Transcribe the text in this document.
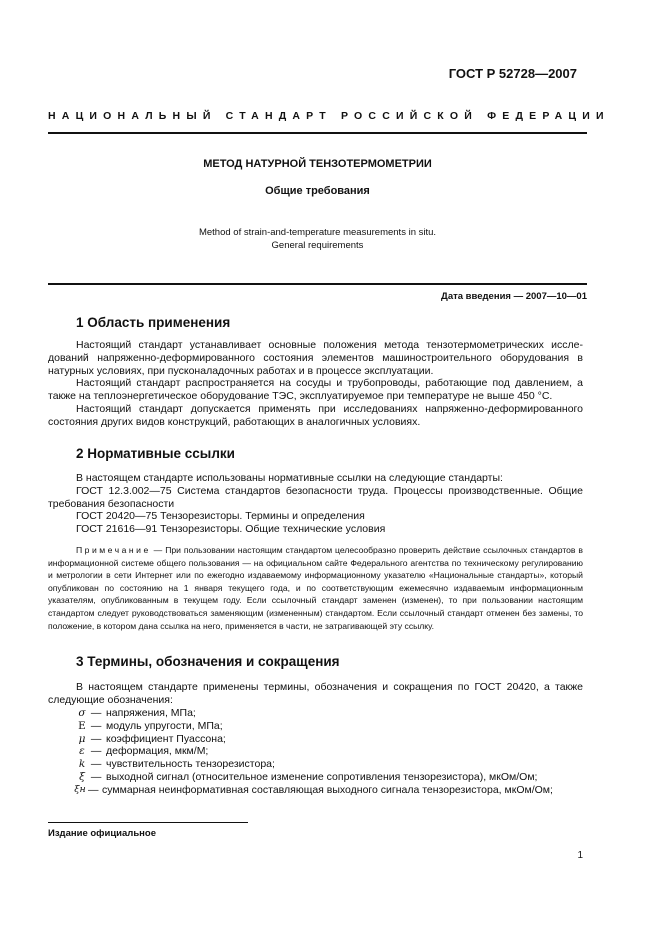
ГОСТ Р 52728—2007
НАЦИОНАЛЬНЫЙ СТАНДАРТ РОССИЙСКОЙ ФЕДЕРАЦИИ
МЕТОД НАТУРНОЙ ТЕНЗОТЕРМОМЕТРИИ
Общие требования
Method of strain-and-temperature measurements in situ.
General requirements
Дата введения — 2007—10—01
1 Область применения

Настоящий стандарт устанавливает основные положения метода тензотермометрических исследований напряженно-деформированного состояния элементов машиностроительного оборудования в натурных условиях, при пусконаладочных работах и в процессе эксплуатации.

Настоящий стандарт распространяется на сосуды и трубопроводы, работающие под давлением, а также на теплоэнергетическое оборудование ТЭС, эксплуатируемое при температуре не выше 450 °С.

Настоящий стандарт допускается применять при исследованиях напряженно-деформированного состояния других видов конструкций, работающих в аналогичных условиях.

2 Нормативные ссылки
В настоящем стандарте использованы нормативные ссылки на следующие стандарты:
ГОСТ 12.3.002—75 Система стандартов безопасности труда. Процессы производственные. Общие требования безопасности
ГОСТ 20420—75 Тензорезисторы. Термины и определения
ГОСТ 21616—91 Тензорезисторы. Общие технические условия

Примечание — При пользовании настоящим стандартом целесообразно проверить действие ссылочных стандартов в информационной системе общего пользования — на официальном сайте Федерального агентства по техническому регулированию и метрологии в сети Интернет или по ежегодно издаваемому информационному указателю «Национальные стандарты», который опубликован по состоянию на 1 января текущего года, и по соответствующим ежемесячно издаваемым информационным указателям, опубликованным в текущем году. Если ссылочный стандарт заменен (изменен), то при пользовании настоящим стандартом следует руководствоваться заменяющим (измененным) стандартом. Если ссылочный стандарт отменен без замены, то положение, в котором дана ссылка на него, применяется в части, не затрагивающей эту ссылку.

3 Термины, обозначения и сокращения

В настоящем стандарте применены термины, обозначения и сокращения по ГОСТ 20420, а также следующие обозначения:

σ — напряжения, МПа;
E — модуль упругости, МПа;
μ — коэффициент Пуассона;
ε — деформация, мкм/М;
k — чувствительность тензорезистора;
ξ — выходной сигнал (относительное изменение сопротивления тензорезистора), мкОм/Ом;
ξн — суммарная неинформативная составляющая выходного сигнала тензорезистора, мкОм/Ом;
Издание официальное
1
